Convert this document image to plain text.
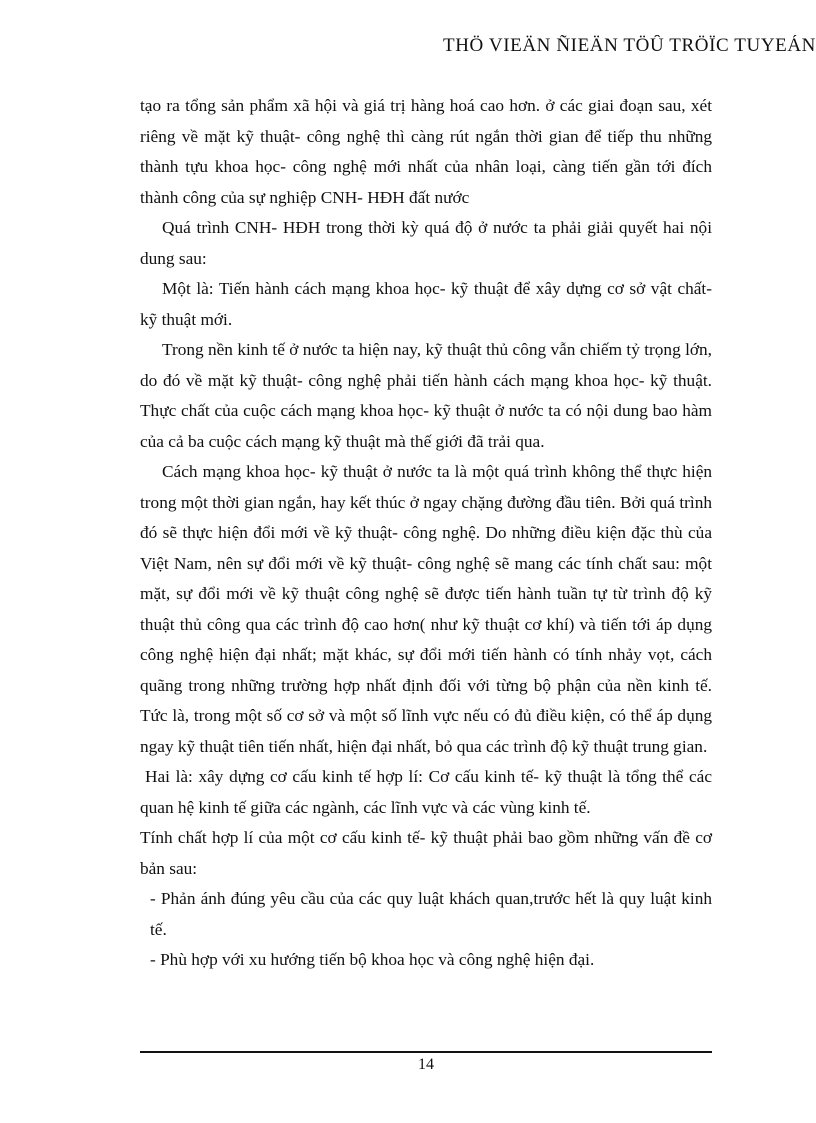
THÖ VIEÄN ÑIEÄN TÖÛ TRÖÏC TUYEÁN

tạo ra tổng sản phẩm xã hội và giá trị hàng hoá cao hơn. ở các giai đoạn sau, xét riêng về mặt kỹ thuật- công nghệ thì càng rút ngắn thời gian để tiếp thu những thành tựu khoa học- công nghệ mới nhất của nhân loại, càng tiến gần tới đích thành công của sự nghiệp CNH- HĐH đất nước

Quá trình CNH- HĐH trong thời kỳ quá độ ở nước ta phải giải quyết hai nội dung sau:

Một là: Tiến hành cách mạng khoa học- kỹ thuật để xây dựng cơ sở vật chất- kỹ thuật mới.

Trong nền kinh tế ở nước ta hiện nay, kỹ thuật thủ công vẫn chiếm tỷ trọng lớn, do đó về mặt kỹ thuật- công nghệ phải tiến hành cách mạng khoa học- kỹ thuật. Thực chất của cuộc cách mạng khoa học- kỹ thuật ở nước ta có nội dung bao hàm của cả ba cuộc cách mạng kỹ thuật mà thế giới đã trải qua.

Cách mạng khoa học- kỹ thuật ở nước ta là một quá trình không thể thực hiện trong một thời gian ngắn, hay kết thúc ở ngay chặng đường đầu tiên. Bởi quá trình đó sẽ thực hiện đổi mới về kỹ thuật- công nghệ. Do những điều kiện đặc thù của Việt Nam, nên sự đổi mới về kỹ thuật- công nghệ sẽ mang các tính chất sau: một mặt, sự đổi mới về kỹ thuật công nghệ sẽ được tiến hành tuần tự từ trình độ kỹ thuật thủ công qua các trình độ cao hơn( như kỹ thuật cơ khí) và tiến tới áp dụng công nghệ hiện đại nhất; mặt khác, sự đổi mới tiến hành có tính nhảy vọt, cách quãng trong những trường hợp nhất định đối với từng bộ phận của nền kinh tế. Tức là, trong một số cơ sở và một số lĩnh vực nếu có đủ điều kiện, có thể áp dụng ngay kỹ thuật tiên tiến nhất, hiện đại nhất, bỏ qua các trình độ kỹ thuật trung gian.

Hai là: xây dựng cơ cấu kinh tế hợp lí: Cơ cấu kinh tế- kỹ thuật là tổng thể các quan hệ kinh tế giữa các ngành, các lĩnh vực và các vùng kinh tế.

Tính chất hợp lí của một cơ cấu kinh tế- kỹ thuật phải bao gồm những vấn đề cơ bản sau:

- Phản ánh đúng yêu cầu của các quy luật khách quan,trước hết là quy luật kinh tế.

- Phù hợp với xu hướng tiến bộ khoa học và công nghệ hiện đại.

14
